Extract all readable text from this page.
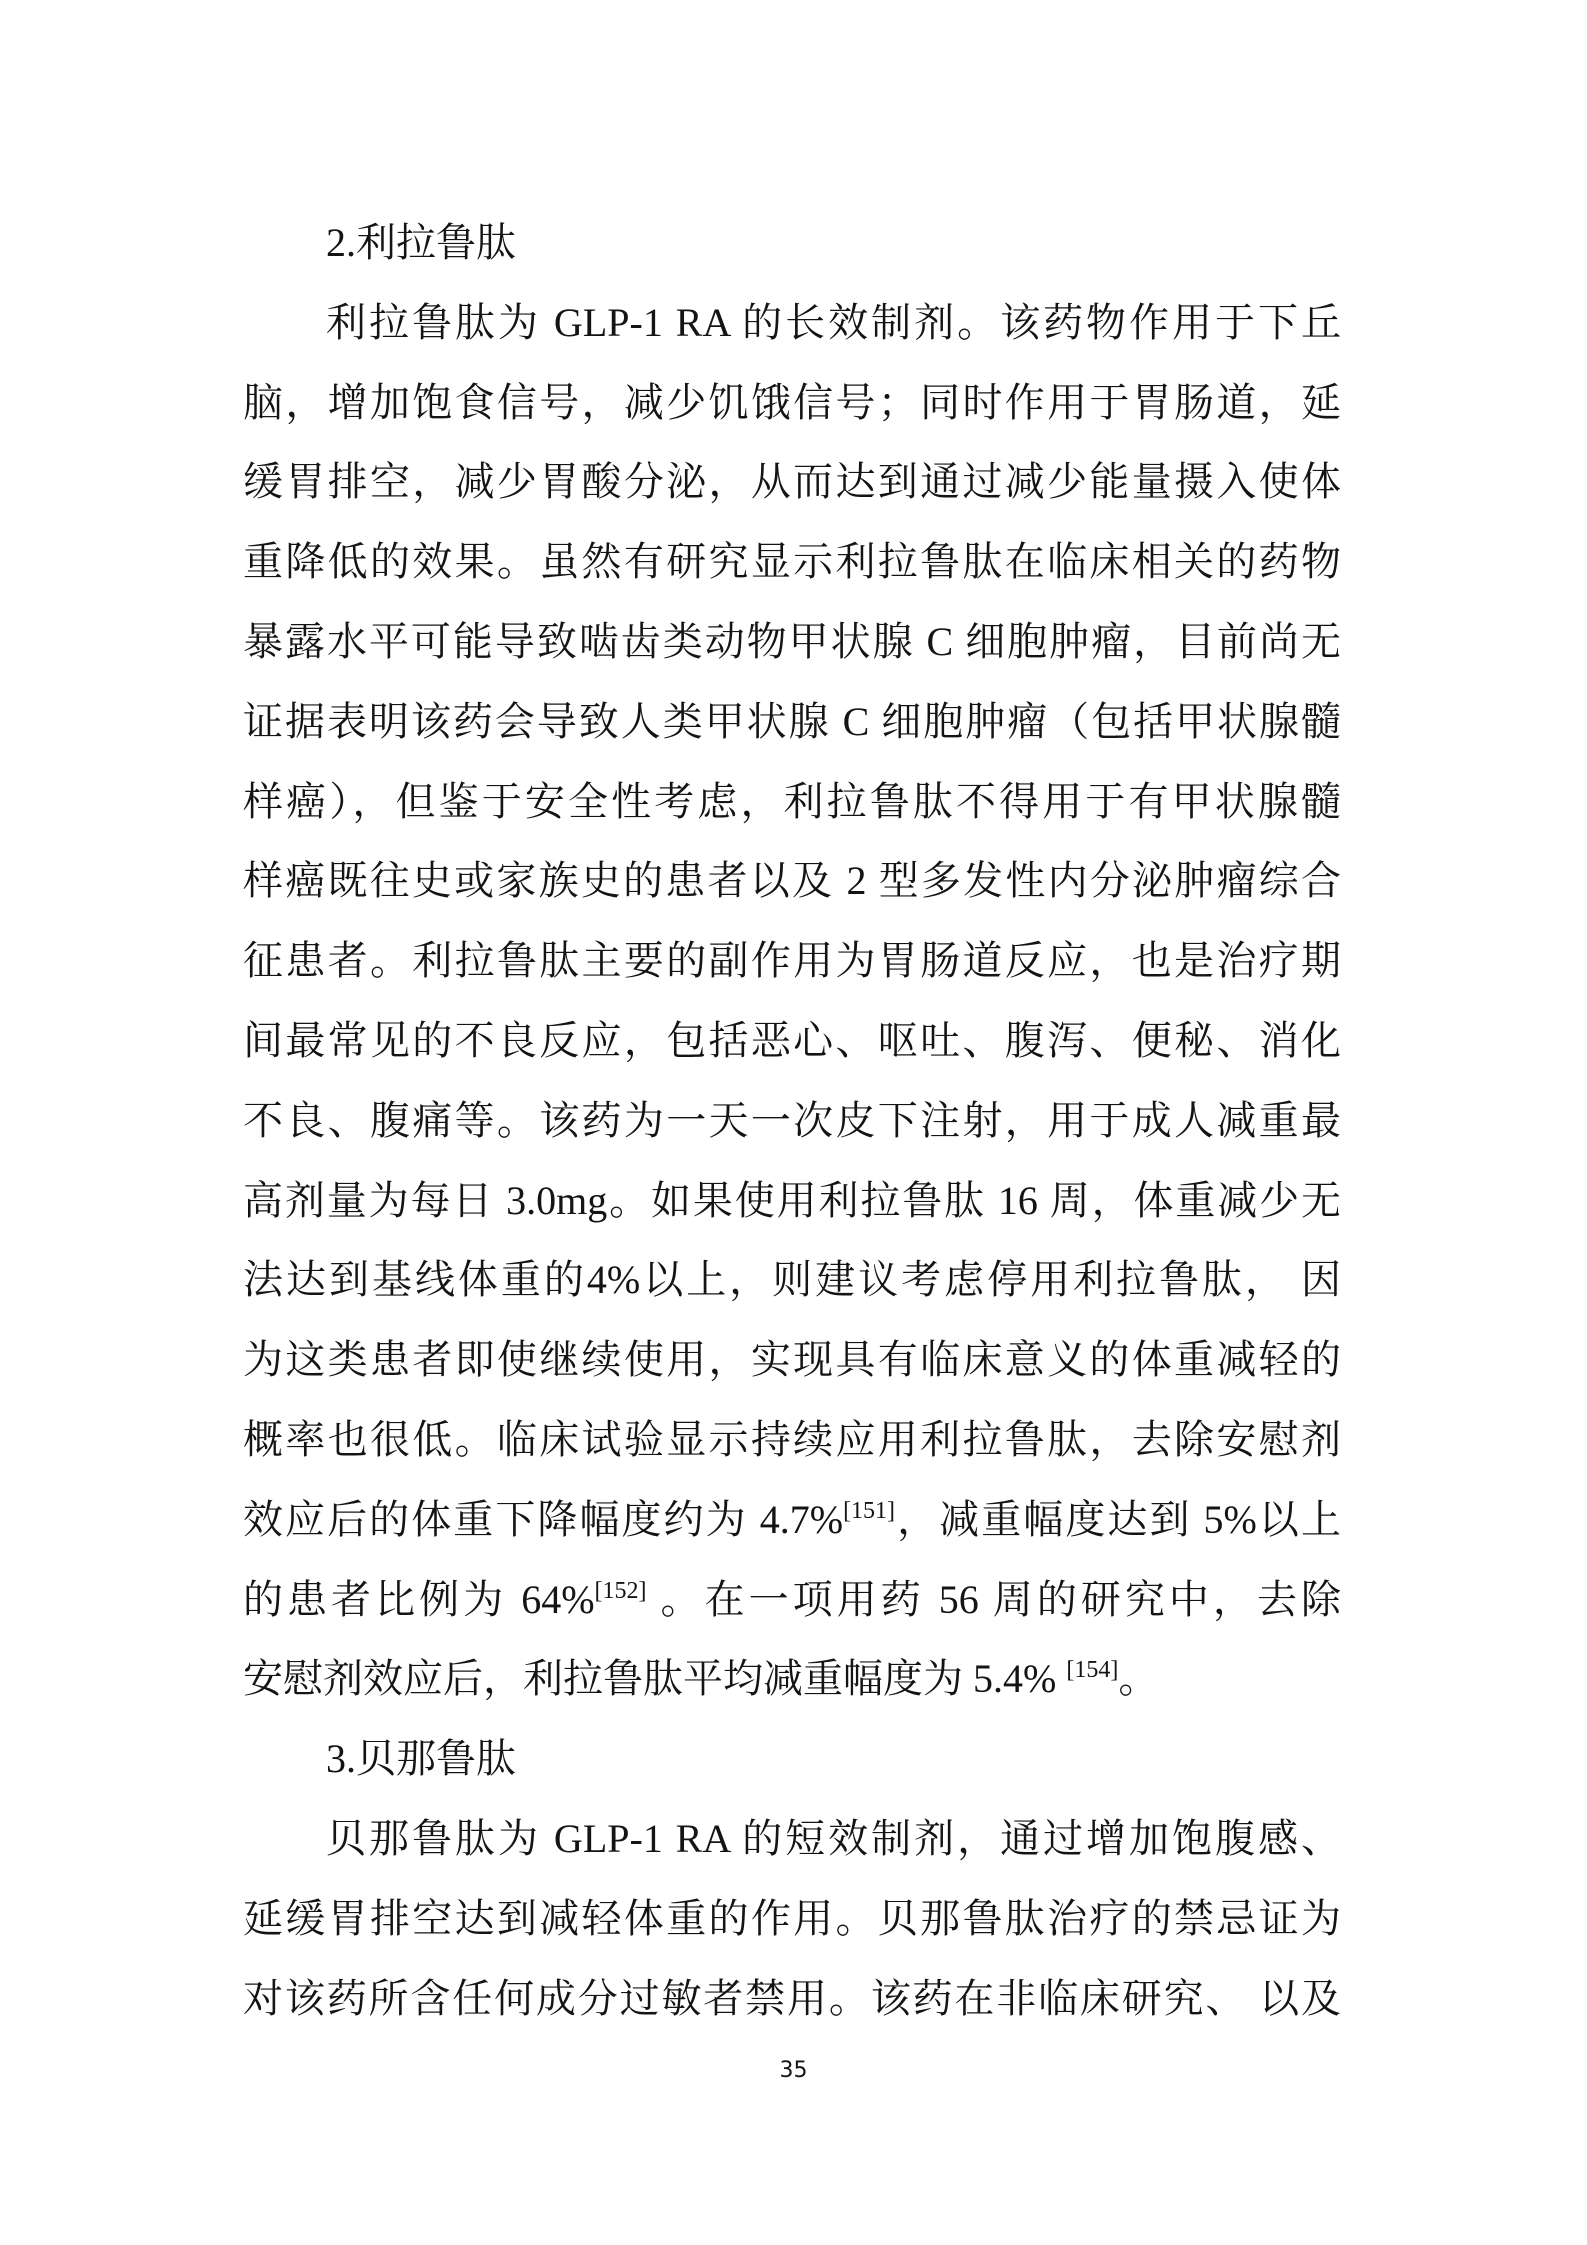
2.利拉鲁肽
利拉鲁肽为 GLP-1 RA 的长效制剂。该药物作用于下丘
脑，增加饱食信号，减少饥饿信号；同时作用于胃肠道，延
缓胃排空，减少胃酸分泌，从而达到通过减少能量摄入使体
重降低的效果。虽然有研究显示利拉鲁肽在临床相关的药物
暴露水平可能导致啮齿类动物甲状腺 C 细胞肿瘤，目前尚无
证据表明该药会导致人类甲状腺 C 细胞肿瘤（包括甲状腺髓
样癌），但鉴于安全性考虑，利拉鲁肽不得用于有甲状腺髓
样癌既往史或家族史的患者以及 2 型多发性内分泌肿瘤综合
征患者。利拉鲁肽主要的副作用为胃肠道反应，也是治疗期
间最常见的不良反应，包括恶心、呕吐、腹泻、便秘、消化
不良、腹痛等。该药为一天一次皮下注射，用于成人减重最
高剂量为每日 3.0mg。如果使用利拉鲁肽 16 周，体重减少无
法达到基线体重的4%以上，则建议考虑停用利拉鲁肽， 因
为这类患者即使继续使用，实现具有临床意义的体重减轻的
概率也很低。临床试验显示持续应用利拉鲁肽，去除安慰剂
效应后的体重下降幅度约为 4.7%[151]，减重幅度达到 5%以上
的患者比例为 64%[152] 。在一项用药 56 周的研究中，去除
安慰剂效应后，利拉鲁肽平均减重幅度为 5.4% [154]。
3.贝那鲁肽
贝那鲁肽为 GLP-1 RA 的短效制剂，通过增加饱腹感、
延缓胃排空达到减轻体重的作用。贝那鲁肽治疗的禁忌证为
对该药所含任何成分过敏者禁用。该药在非临床研究、 以及
35
